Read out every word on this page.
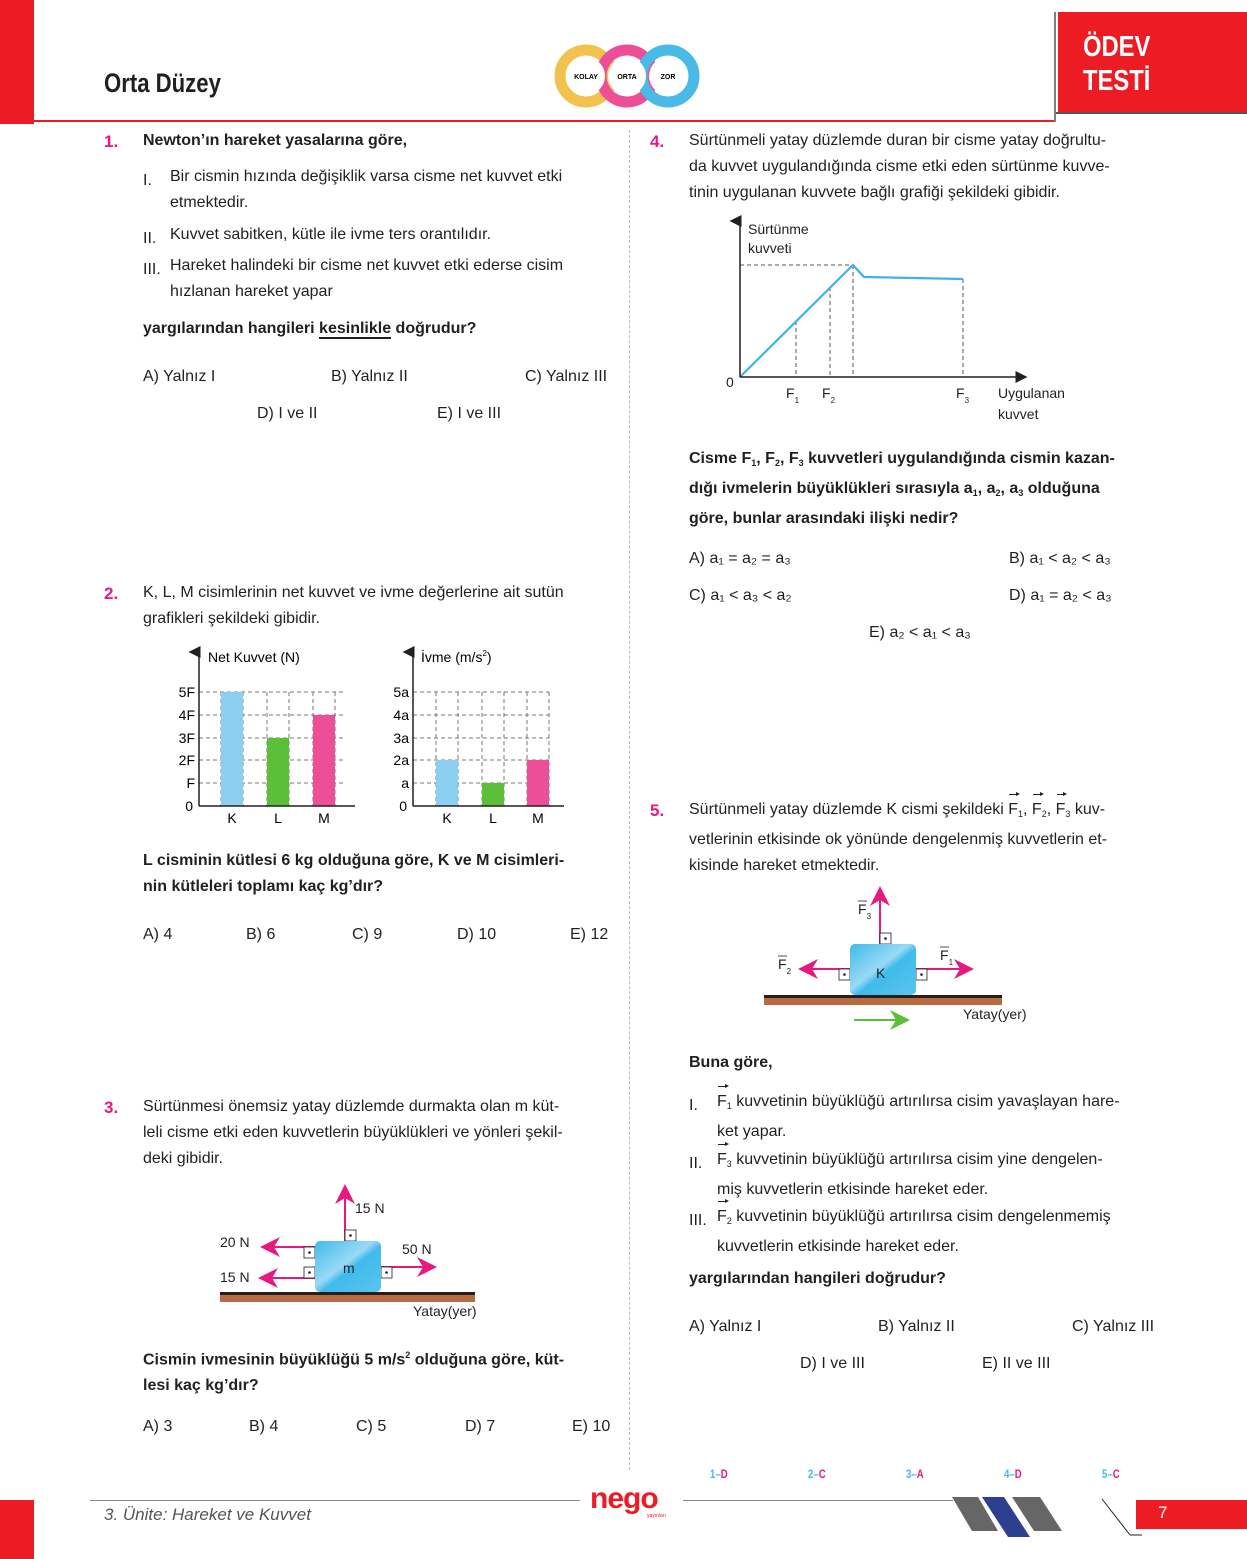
Orta Düzey	KOLAY	ORTA	ZOR
ÖDEV
TESTİ
1. Newton’ın hareket yasalarına göre,
I. Bir cismin hızında değişiklik varsa cisme net kuvvet etki
etmektedir.
II. Kuvvet sabitken, kütle ile ivme ters orantılıdır.
III. Hareket halindeki bir cisme net kuvvet etki ederse cisim
hızlanan hareket yapar
yargılarından hangileri kesinlikle doğrudur?
A) Yalnız I	B) Yalnız II	C) Yalnız III
D) I ve II	E) I ve III
2. K, L, M cisimlerinin net kuvvet ve ivme değerlerine ait sutün
grafikleri şekildeki gibidir.
Net Kuvvet (N)
5F
4F
3F
2F
F
0
K	L	M
İvme $(m/s^2)$
5a
4a
3a
2a
a
0
K	L	M
L cisminin kütlesi 6 kg olduğuna göre, K ve M cisimleri-
nin kütleleri toplamı kaç kg’dır?
A) 4	B) 6	C) 9	D) 10	E) 12
3. Sürtünmesi önemsiz yatay düzlemde durmakta olan m küt-
leli cisme etki eden kuvvetlerin büyüklükleri ve yönleri şekil-
deki gibidir.
15 N
20 N
15 N
50 N
m
Yatay(yer)
Cismin ivmesinin büyüklüğü 5 $m/s^2$ olduğuna göre, küt-
lesi kaç kg’dır?
A) 3	B) 4	C) 5	D) 7	E) 10
4. Sürtünmeli yatay düzlemde duran bir cisme yatay doğrultu-
da kuvvet uygulandığında cisme etki eden sürtünme kuvve-
tinin uygulanan kuvvete bağlı grafiği şekildeki gibidir.
Sürtünme
kuvveti
0
$F_1$ $F_2$	$F_3$ Uygulanan
kuvvet
Cisme $F_1$, $F_2$, $F_3$ kuvvetleri uygulandığında cismin kazan-
dığı ivmelerin büyüklükleri sırasıyla $a_1$, $a_2$, $a_3$ olduğuna
göre, bunlar arasındaki ilişki nedir?
A) a₁ = a₂ = a₃	B) a₁ < a₂ < a₃
C) a₁ < a₃ < a₂	D) a₁ = a₂ < a₃
E) a₂ < a₁ < a₃
5. Sürtünmeli yatay düzlemde K cismi şekildeki $F_1$, $F_2$, $F_3$ kuv-
vetlerinin etkisinde ok yönünde dengelenmiş kuvvetlerin et-
kisinde hareket etmektedir.
$F_3$
$F_2$
$F_1$
K
Yatay(yer)
Buna göre,
I. $F_1$ kuvvetinin büyüklüğü artırılırsa cisim yavaşlayan hare-
ket yapar.
II. $F_3$ kuvvetinin büyüklüğü artırılırsa cisim yine dengelen-
miş kuvvetlerin etkisinde hareket eder.
III. $F_2$ kuvvetinin büyüklüğü artırılırsa cisim dengelenmemiş
kuvvetlerin etkisinde hareket eder.
yargılarından hangileri doğrudur?
A) Yalnız I	B) Yalnız II	C) Yalnız III
D) I ve III	E) II ve III
1–D	2–C	3–A	4–D	5–C
3. Ünite: Hareket ve Kuvvet	nego
yayınları	7
